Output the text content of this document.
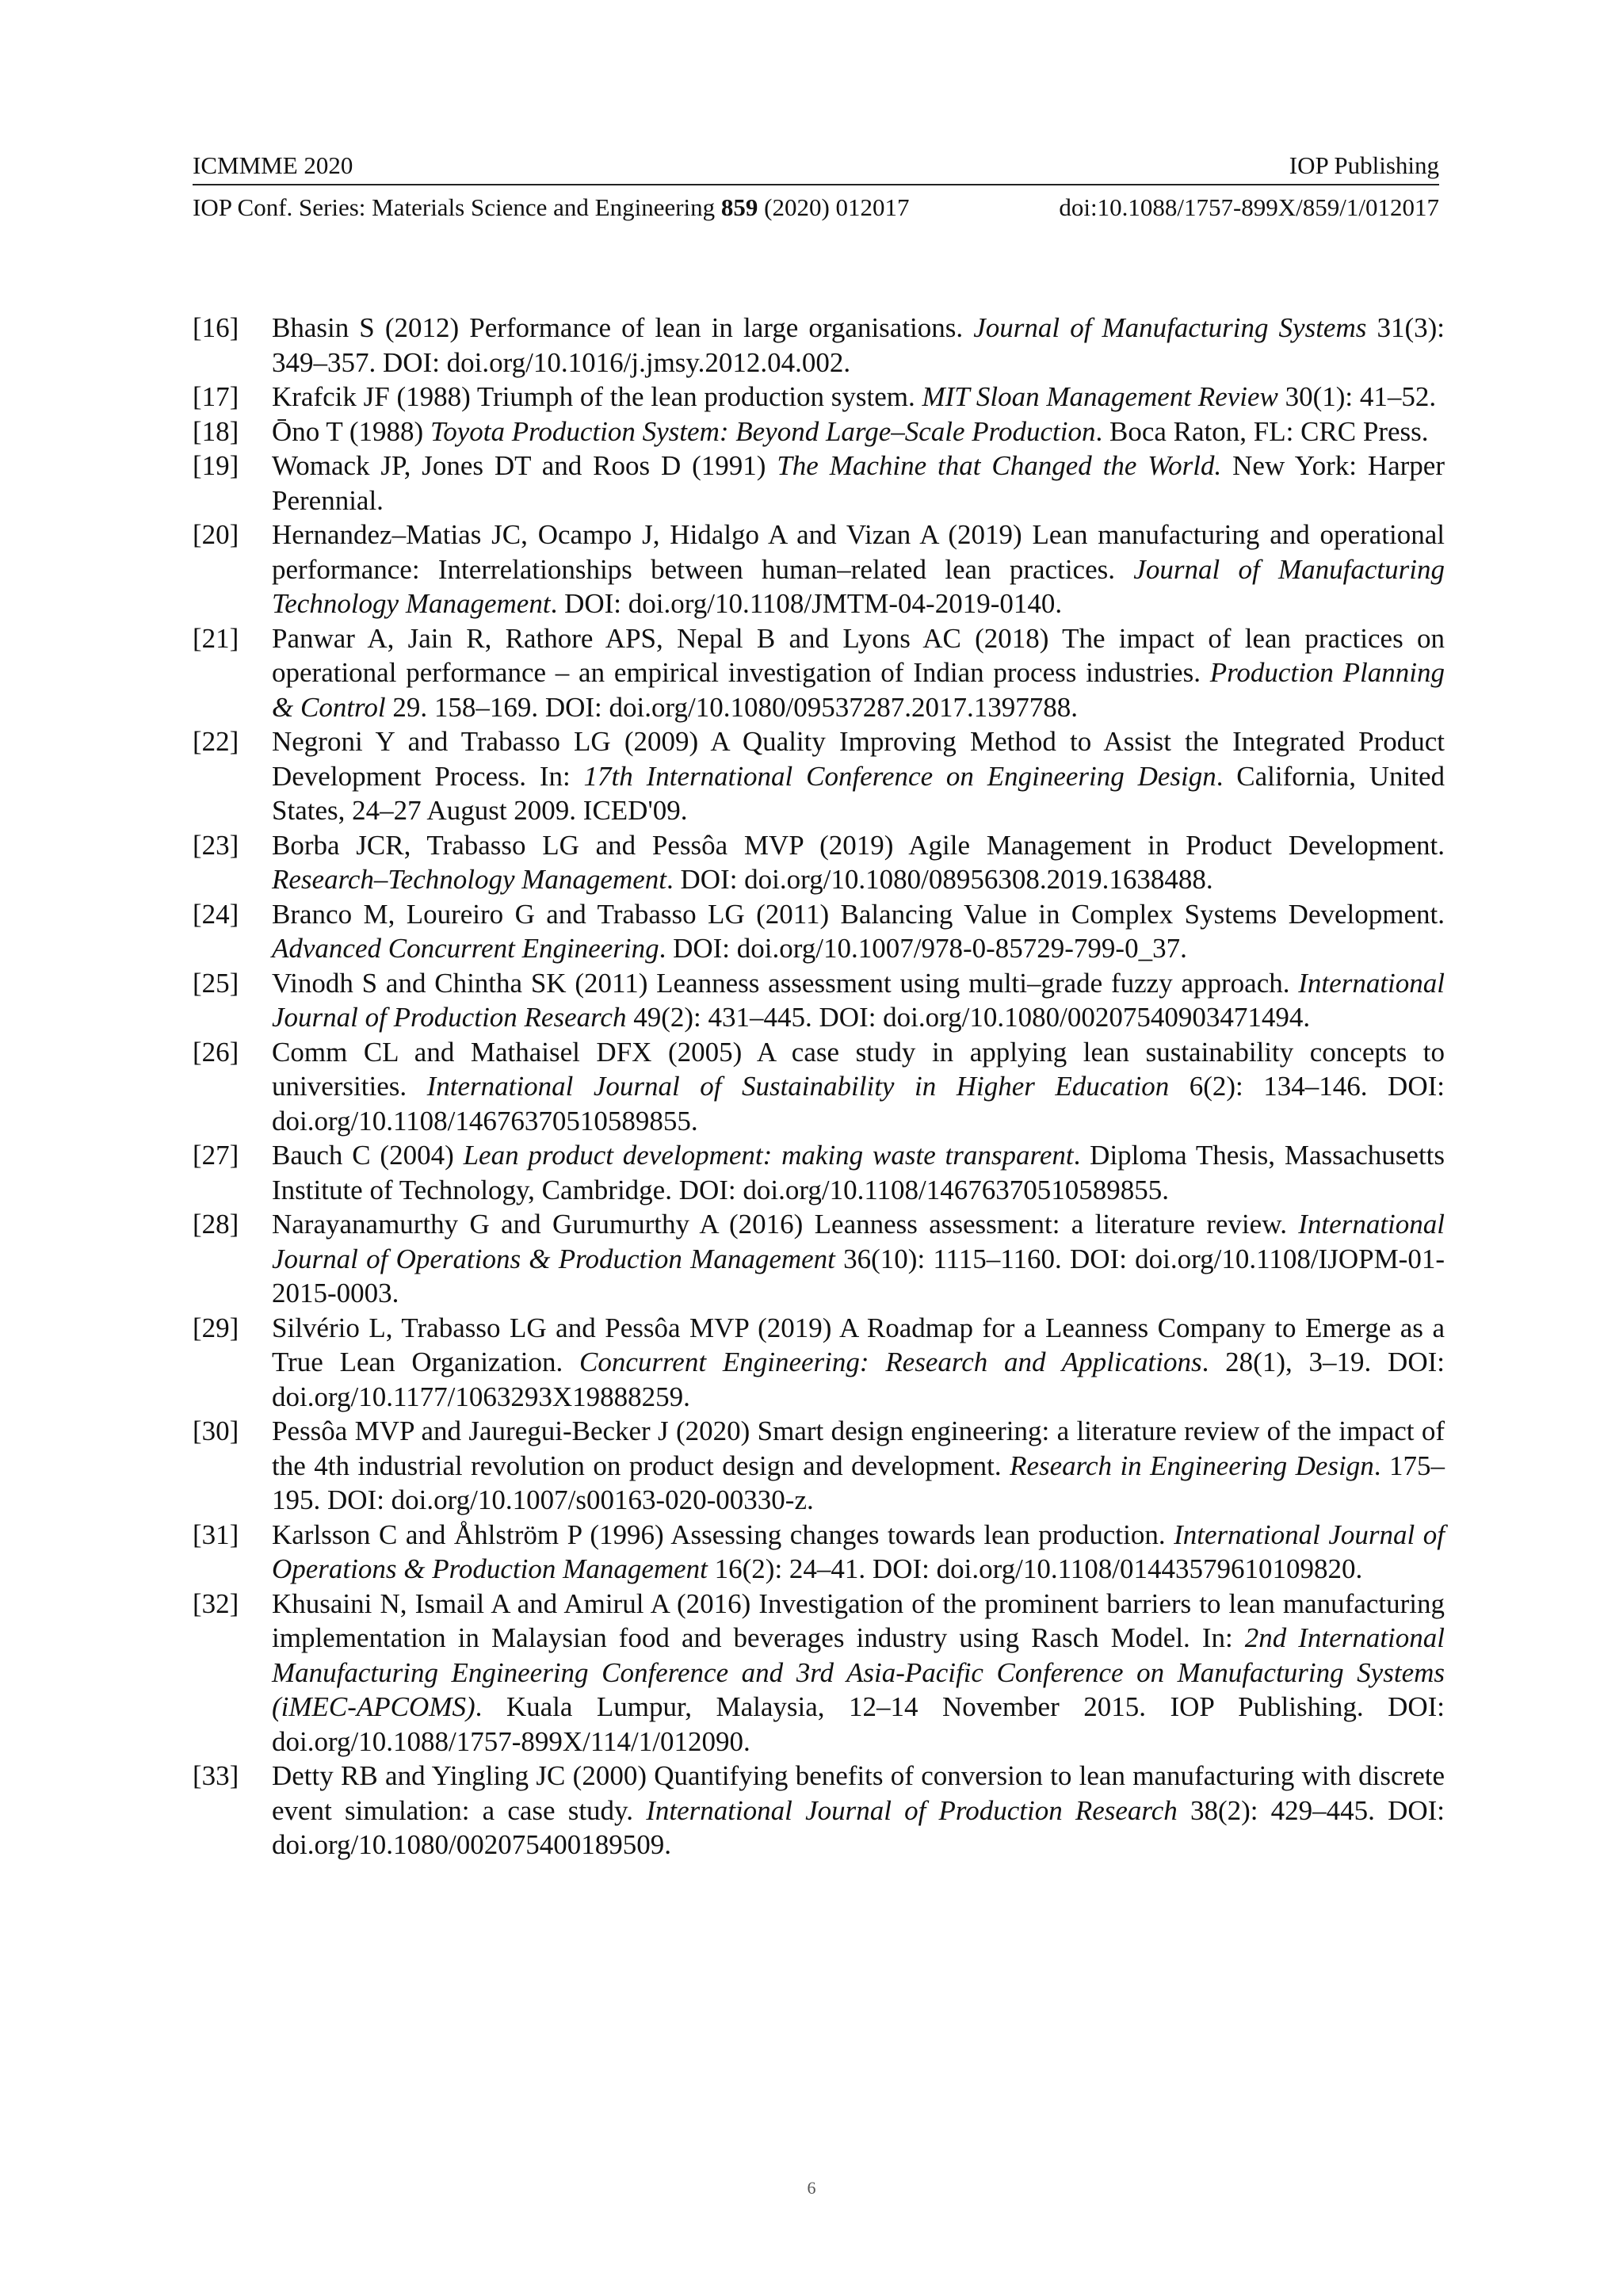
ICMMME 2020	IOP Publishing
IOP Conf. Series: Materials Science and Engineering 859 (2020) 012017	doi:10.1088/1757-899X/859/1/012017
[16]	Bhasin S (2012) Performance of lean in large organisations. Journal of Manufacturing Systems 31(3): 349–357. DOI: doi.org/10.1016/j.jmsy.2012.04.002.
[17]	Krafcik JF (1988) Triumph of the lean production system. MIT Sloan Management Review 30(1): 41–52.
[18]	Ōno T (1988) Toyota Production System: Beyond Large–Scale Production. Boca Raton, FL: CRC Press.
[19]	Womack JP, Jones DT and Roos D (1991) The Machine that Changed the World. New York: Harper Perennial.
[20]	Hernandez–Matias JC, Ocampo J, Hidalgo A and Vizan A (2019) Lean manufacturing and operational performance: Interrelationships between human–related lean practices. Journal of Manufacturing Technology Management. DOI: doi.org/10.1108/JMTM-04-2019-0140.
[21]	Panwar A, Jain R, Rathore APS, Nepal B and Lyons AC (2018) The impact of lean practices on operational performance – an empirical investigation of Indian process industries. Production Planning & Control 29. 158–169. DOI: doi.org/10.1080/09537287.2017.1397788.
[22]	Negroni Y and Trabasso LG (2009) A Quality Improving Method to Assist the Integrated Product Development Process. In: 17th International Conference on Engineering Design. California, United States, 24–27 August 2009. ICED'09.
[23]	Borba JCR, Trabasso LG and Pessôa MVP (2019) Agile Management in Product Development. Research–Technology Management. DOI: doi.org/10.1080/08956308.2019.1638488.
[24]	Branco M, Loureiro G and Trabasso LG (2011) Balancing Value in Complex Systems Development. Advanced Concurrent Engineering. DOI: doi.org/10.1007/978-0-85729-799-0_37.
[25]	Vinodh S and Chintha SK (2011) Leanness assessment using multi–grade fuzzy approach. International Journal of Production Research 49(2): 431–445. DOI: doi.org/10.1080/00207540903471494.
[26]	Comm CL and Mathaisel DFX (2005) A case study in applying lean sustainability concepts to universities. International Journal of Sustainability in Higher Education 6(2): 134–146. DOI: doi.org/10.1108/14676370510589855.
[27]	Bauch C (2004) Lean product development: making waste transparent. Diploma Thesis, Massachusetts Institute of Technology, Cambridge. DOI: doi.org/10.1108/14676370510589855.
[28]	Narayanamurthy G and Gurumurthy A (2016) Leanness assessment: a literature review. International Journal of Operations & Production Management 36(10): 1115–1160. DOI: doi.org/10.1108/IJOPM-01-2015-0003.
[29]	Silvério L, Trabasso LG and Pessôa MVP (2019) A Roadmap for a Leanness Company to Emerge as a True Lean Organization. Concurrent Engineering: Research and Applications. 28(1), 3–19. DOI: doi.org/10.1177/1063293X19888259.
[30]	Pessôa MVP and Jauregui-Becker J (2020) Smart design engineering: a literature review of the impact of the 4th industrial revolution on product design and development. Research in Engineering Design. 175–195. DOI: doi.org/10.1007/s00163-020-00330-z.
[31]	Karlsson C and Åhlström P (1996) Assessing changes towards lean production. International Journal of Operations & Production Management 16(2): 24–41. DOI: doi.org/10.1108/01443579610109820.
[32]	Khusaini N, Ismail A and Amirul A (2016) Investigation of the prominent barriers to lean manufacturing implementation in Malaysian food and beverages industry using Rasch Model. In: 2nd International Manufacturing Engineering Conference and 3rd Asia-Pacific Conference on Manufacturing Systems (iMEC-APCOMS). Kuala Lumpur, Malaysia, 12–14 November 2015. IOP Publishing. DOI: doi.org/10.1088/1757-899X/114/1/012090.
[33]	Detty RB and Yingling JC (2000) Quantifying benefits of conversion to lean manufacturing with discrete event simulation: a case study. International Journal of Production Research 38(2): 429–445. DOI: doi.org/10.1080/002075400189509.
6
